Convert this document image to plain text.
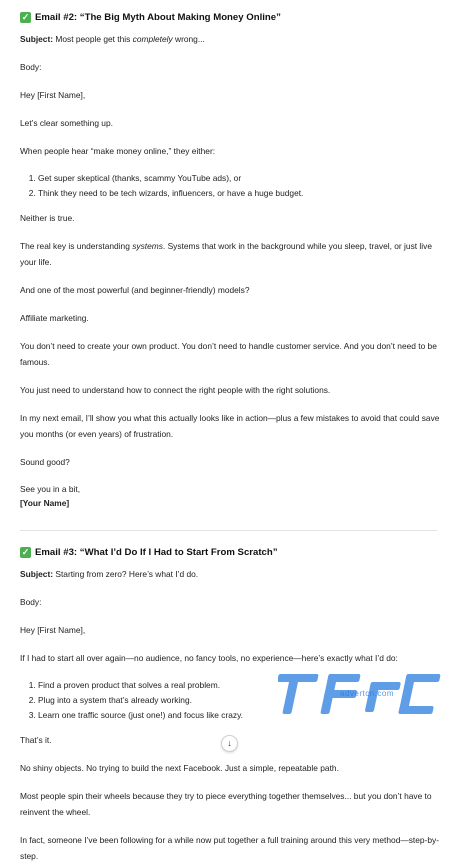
✓ Email #2: “The Big Myth About Making Money Online”

Subject: Most people get this completely wrong...

Body:

Hey [First Name],

Let’s clear something up.

When people hear “make money online,” they either:

1. Get super skeptical (thanks, scammy YouTube ads), or
2. Think they need to be tech wizards, influencers, or have a huge budget.

Neither is true.

The real key is understanding systems. Systems that work in the background while you sleep, travel, or just live your life.

And one of the most powerful (and beginner-friendly) models?

Affiliate marketing.

You don’t need to create your own product. You don’t need to handle customer service. And you don’t need to be famous.

You just need to understand how to connect the right people with the right solutions.

In my next email, I’ll show you what this actually looks like in action—plus a few mistakes to avoid that could save you months (or even years) of frustration.

Sound good?

See you in a bit,
[Your Name]

✓ Email #3: “What I’d Do If I Had to Start From Scratch”

Subject: Starting from zero? Here’s what I’d do.

Body:

Hey [First Name],

If I had to start all over again—no audience, no fancy tools, no experience—here’s exactly what I’d do:

1. Find a proven product that solves a real problem.
2. Plug into a system that’s already working.
3. Learn one traffic source (just one!) and focus like crazy.

That’s it.

No shiny objects. No trying to build the next Facebook. Just a simple, repeatable path.

Most people spin their wheels because they try to piece everything together themselves... but you don’t have to reinvent the wheel.

In fact, someone I’ve been following for a while now put together a full training around this very method—step-by-step.

advertcn.com
↓
